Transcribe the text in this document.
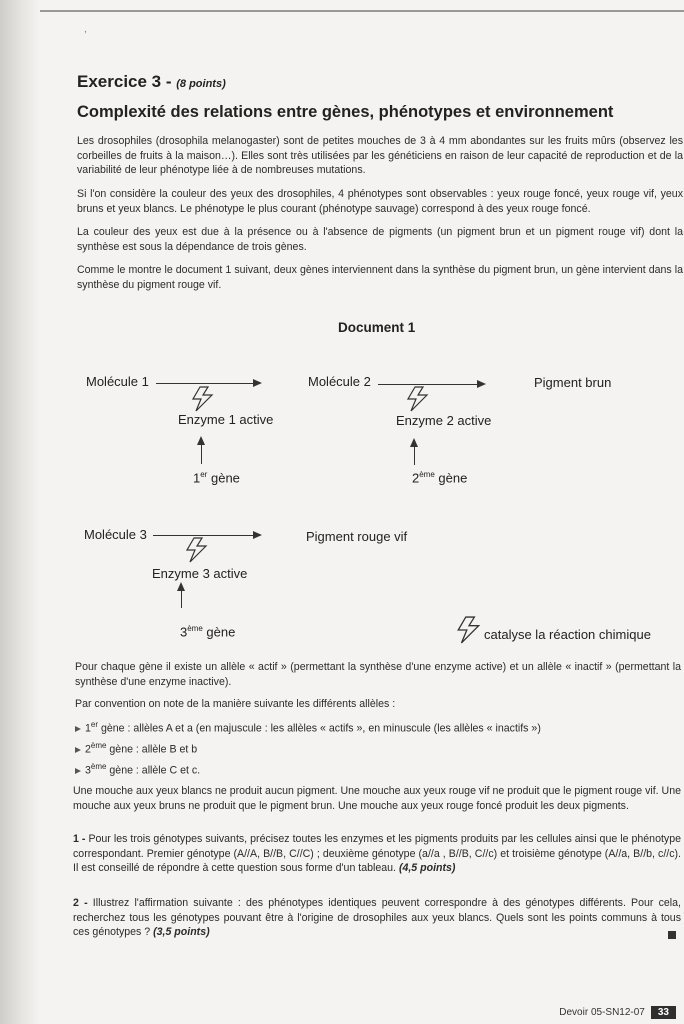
,
Exercice 3 - (8 points)
Complexité des relations entre gènes, phénotypes et environnement
Les drosophiles (drosophila melanogaster) sont de petites mouches de 3 à 4 mm abondantes sur les fruits mûrs (observez les corbeilles de fruits à la maison…). Elles sont très utilisées par les généticiens en raison de leur capacité de reproduction et de la variabilité de leur phénotype liée à de nombreuses mutations.
Si l'on considère la couleur des yeux des drosophiles, 4 phénotypes sont observables : yeux rouge foncé, yeux rouge vif, yeux bruns et yeux blancs. Le phénotype le plus courant (phénotype sauvage) correspond à des yeux rouge foncé.
La couleur des yeux est due à la présence ou à l'absence de pigments (un pigment brun et un pigment rouge vif) dont la synthèse est sous la dépendance de trois gènes.
Comme le montre le document 1 suivant, deux gènes interviennent dans la synthèse du pigment brun, un gène intervient dans la synthèse du pigment rouge vif.
Document 1
Molécule 1
Enzyme 1 active
1er gène
Molécule 2
Enzyme 2 active
2ème gène
Pigment brun
Molécule 3
Enzyme 3 active
3ème gène
Pigment rouge vif
catalyse la réaction chimique
Pour chaque gène il existe un allèle « actif » (permettant la synthèse d'une enzyme active) et un allèle « inactif » (permettant la synthèse d'une enzyme inactive).
Par convention on note de la manière suivante les différents allèles :
1er gène : allèles A et a (en majuscule : les allèles « actifs », en minuscule (les allèles « inactifs »)
2ème gène : allèle B et b
3ème gène : allèle C et c.
Une mouche aux yeux blancs ne produit aucun pigment. Une mouche aux yeux rouge vif ne produit que le pigment rouge vif. Une mouche aux yeux bruns ne produit que le pigment brun. Une mouche aux yeux rouge foncé produit les deux pigments.
1 - Pour les trois génotypes suivants, précisez toutes les enzymes et les pigments produits par les cellules ainsi que le phénotype correspondant. Premier génotype (A//A, B//B, C//C) ; deuxième génotype (a//a , B//B, C//c) et troisième génotype (A//a, B//b, c//c). Il est conseillé de répondre à cette question sous forme d'un tableau. (4,5 points)
2 - Illustrez l'affirmation suivante : des phénotypes identiques peuvent correspondre à des génotypes différents. Pour cela, recherchez tous les génotypes pouvant être à l'origine de drosophiles aux yeux blancs. Quels sont les points communs à tous ces génotypes ? (3,5 points)
Devoir 05-SN12-07	33
